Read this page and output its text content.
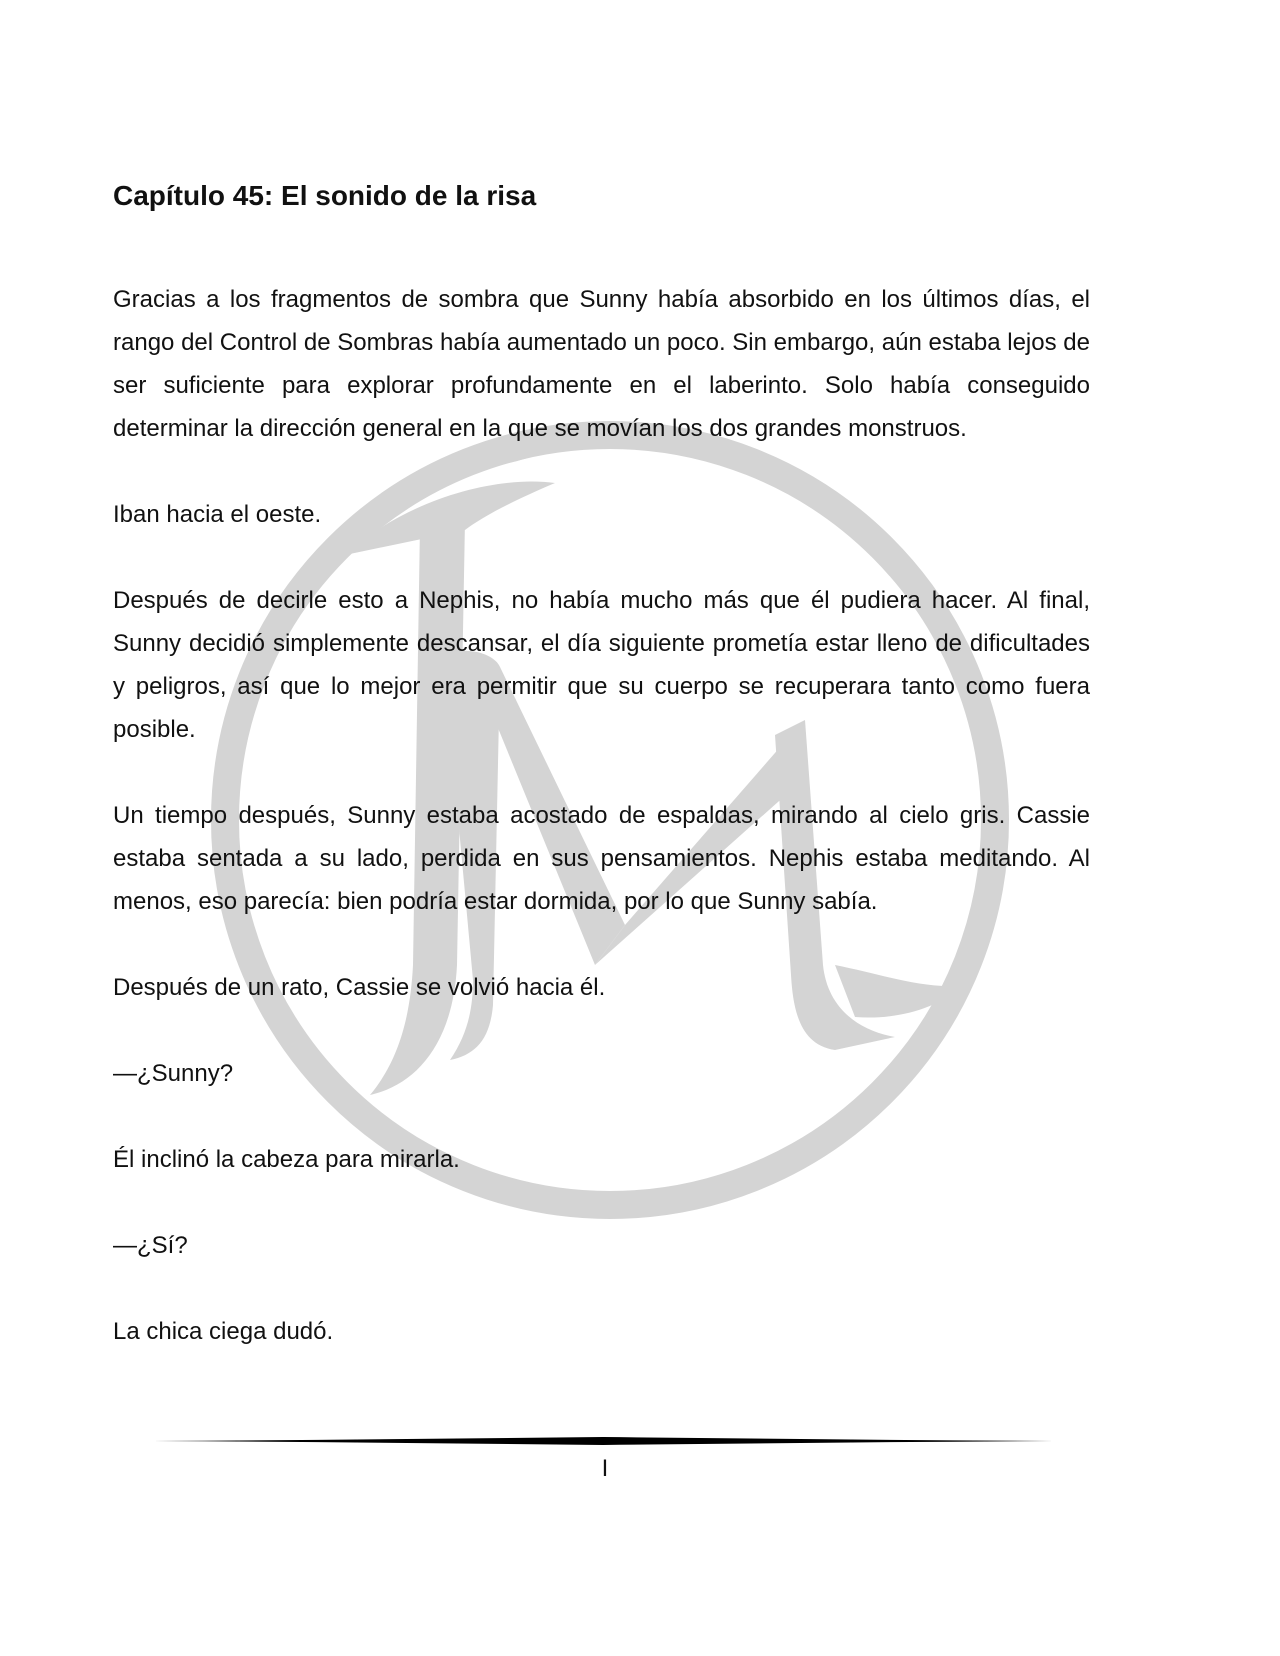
Capítulo 45: El sonido de la risa

Gracias a los fragmentos de sombra que Sunny había absorbido en los últimos días, el rango del Control de Sombras había aumentado un poco. Sin embargo, aún estaba lejos de ser suficiente para explorar profundamente en el laberinto. Solo había conseguido determinar la dirección general en la que se movían los dos grandes monstruos.

Iban hacia el oeste.

Después de decirle esto a Nephis, no había mucho más que él pudiera hacer. Al final, Sunny decidió simplemente descansar, el día siguiente prometía estar lleno de dificultades y peligros, así que lo mejor era permitir que su cuerpo se recuperara tanto como fuera posible.

Un tiempo después, Sunny estaba acostado de espaldas, mirando al cielo gris. Cassie estaba sentada a su lado, perdida en sus pensamientos. Nephis estaba meditando. Al menos, eso parecía: bien podría estar dormida, por lo que Sunny sabía.

Después de un rato, Cassie se volvió hacia él.

—¿Sunny?

Él inclinó la cabeza para mirarla.

—¿Sí?

La chica ciega dudó.

I
